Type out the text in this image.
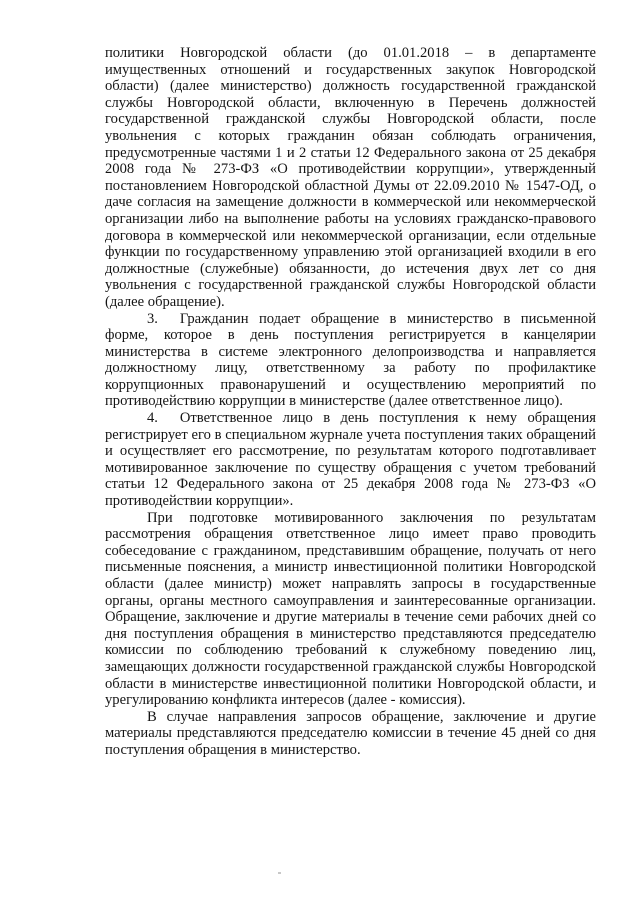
политики Новгородской области (до 01.01.2018 – в департаменте имущественных отношений и государственных закупок Новгородской области) (далее министерство) должность государственной гражданской службы Новгородской области, включенную в Перечень должностей государственной гражданской службы Новгородской области, после увольнения с которых гражданин обязан соблюдать ограничения, предусмотренные частями 1 и 2 статьи 12 Федерального закона от 25 декабря 2008 года № 273-ФЗ «О противодействии коррупции», утвержденный постановлением Новгородской областной Думы от 22.09.2010 № 1547-ОД, о даче согласия на замещение должности в коммерческой или некоммерческой организации либо на выполнение работы на условиях гражданско-правового договора в коммерческой или некоммерческой организации, если отдельные функции по государственному управлению этой организацией входили в его должностные (служебные) обязанности, до истечения двух лет со дня увольнения с государственной гражданской службы Новгородской области (далее обращение).

3.   Гражданин подает обращение в министерство в письменной форме, которое в день поступления регистрируется в канцелярии министерства в системе электронного делопроизводства и направляется должностному лицу, ответственному за работу по профилактике коррупционных правонарушений и осуществлению мероприятий по противодействию коррупции в министерстве (далее ответственное лицо).

4.   Ответственное лицо в день поступления к нему обращения регистрирует его в специальном журнале учета поступления таких обращений и осуществляет его рассмотрение, по результатам которого подготавливает мотивированное заключение по существу обращения с учетом требований статьи 12 Федерального закона от 25 декабря 2008 года № 273-ФЗ «О противодействии коррупции».

При подготовке мотивированного заключения по результатам рассмотрения обращения ответственное лицо имеет право проводить собеседование с гражданином, представившим обращение, получать от него письменные пояснения, а министр инвестиционной политики Новгородской области (далее министр) может направлять запросы в государственные органы, органы местного самоуправления и заинтересованные организации. Обращение, заключение и другие материалы в течение семи рабочих дней со дня поступления обращения в министерство представляются председателю комиссии по соблюдению требований к служебному поведению лиц, замещающих должности государственной гражданской службы Новгородской области в министерстве инвестиционной политики Новгородской области, и урегулированию конфликта интересов (далее - комиссия).

В случае направления запросов обращение, заключение и другие материалы представляются председателю комиссии в течение 45 дней со дня поступления обращения в министерство.
